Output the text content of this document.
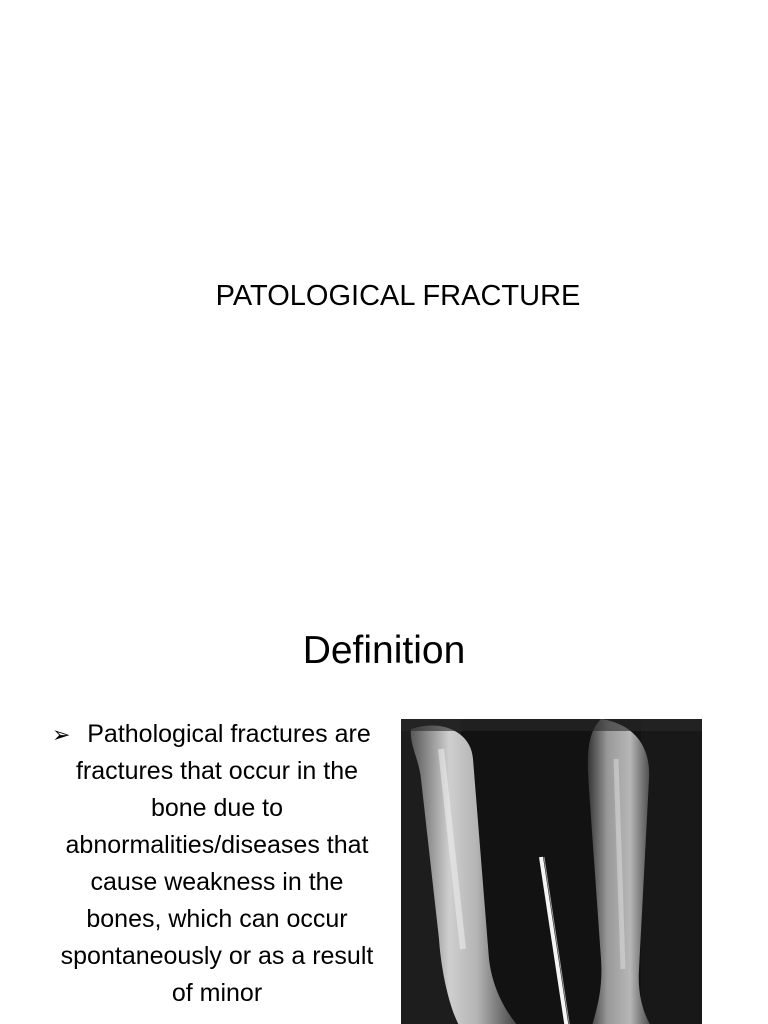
PATOLOGICAL FRACTURE
Definition
➢ Pathological fractures are fractures that occur in the bone due to abnormalities/diseases that cause weakness in the bones, which can occur spontaneously or as a result of minor
